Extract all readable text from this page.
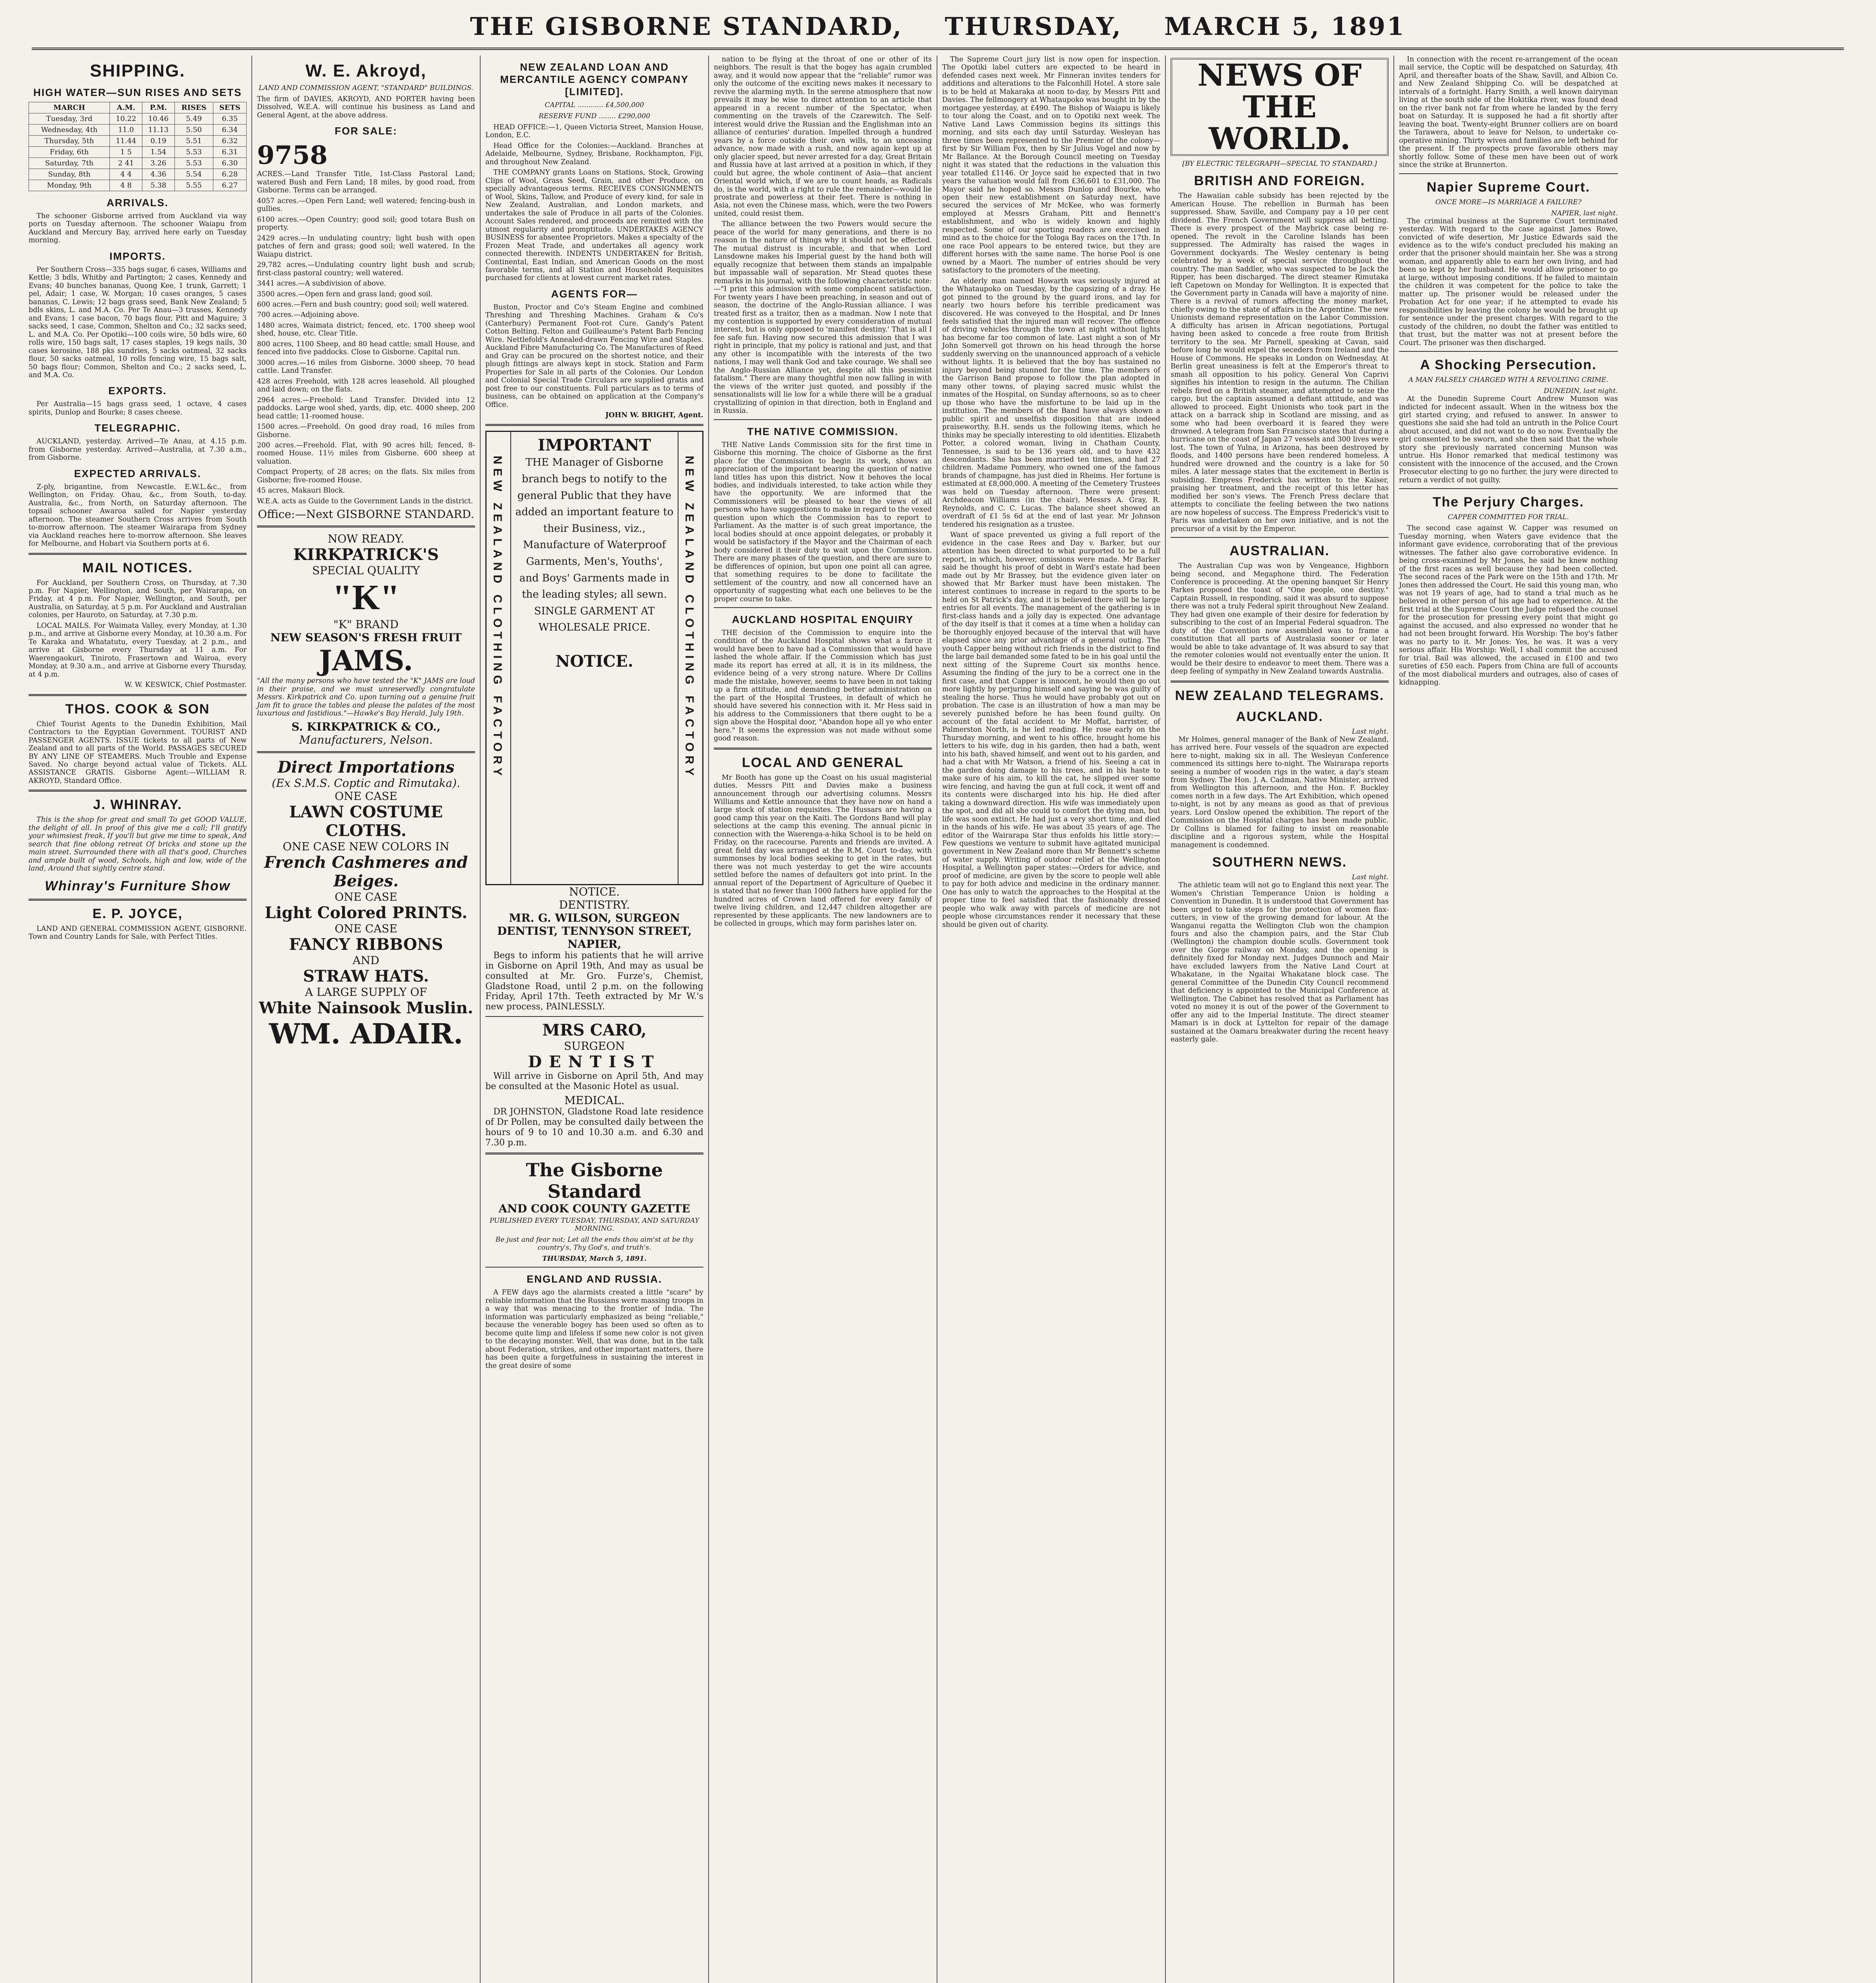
THE GISBORNE STANDARD, THURSDAY, MARCH 5, 1891
SHIPPING.
HIGH WATER—SUN RISES AND SETS
MARCH	A.M.	P.M.	RISES	SETS
Tuesday, 3rd	10.22	10.46	5.49	6.35
Wednesday, 4th	11.0	11.13	5.50	6.34
Thursday, 5th	11.44	0.19	5.51	6.32
Friday, 6th	1 5	1.54	5.53	6.31
Saturday, 7th	2 41	3.26	5.53	6.30
Sunday, 8th	4 4	4.36	5.54	6.28
Monday, 9th	4 8	5.38	5.55	6.27
ARRIVALS.

The schooner Gisborne arrived from Auckland via way ports on Tuesday afternoon. The schooner Waiapu from Auckland and Mercury Bay, arrived here early on Tuesday morning.

IMPORTS.

Per Southern Cross—335 bags sugar, 6 cases, Williams and Kettle; 3 bdls, Whitby and Partington; 2 cases, Kennedy and Evans; 40 bunches bananas, Quong Kee, 1 trunk, Garrett; 1 pel, Adair; 1 case, W. Morgan; 10 cases oranges, 5 cases bananas, C. Lewis; 12 bags grass seed, Bank New Zealand; 5 bdls skins, L. and M.A. Co. Per Te Anau—3 trusses, Kennedy and Evans; 1 case bacon, 70 bags flour, Pitt and Maguire; 3 sacks seed, 1 case, Common, Shelton and Co.; 32 sacks seed, L. and M.A. Co. Per Opotiki—100 coils wire, 50 bdls wire, 60 rolls wire, 150 bags salt, 17 cases staples, 19 kegs nails, 30 cases kerosine, 188 pks sundries, 5 sacks oatmeal, 32 sacks flour, 50 sacks oatmeal, 10 rolls fencing wire, 15 bags salt, 50 bags flour; Common, Shelton and Co.; 2 sacks seed, L. and M.A. Co.

EXPORTS.

Per Australia—15 bags grass seed, 1 octave, 4 cases spirits, Dunlop and Bourke; 8 cases cheese.

TELEGRAPHIC.

AUCKLAND, yesterday. Arrived—Te Anau, at 4.15 p.m. from Gisborne yesterday. Arrived—Australia, at 7.30 a.m., from Gisborne.

EXPECTED ARRIVALS.

Z-ply, brigantine, from Newcastle. E.W.L.&c., from Wellington, on Friday. Ohau, &c., from South, to-day. Australia, &c., from North, on Saturday afternoon. The topsail schooner Awaroa sailed for Napier yesterday afternoon. The steamer Southern Cross arrives from South to-morrow afternoon. The steamer Wairarapa from Sydney via Auckland reaches here to-morrow afternoon. She leaves for Melbourne, and Hobart via Southern ports at 6.

MAIL NOTICES.

For Auckland, per Southern Cross, on Thursday, at 7.30 p.m. For Napier, Wellington, and South, per Wairarapa, on Friday, at 4 p.m. For Napier, Wellington, and South, per Australia, on Saturday, at 5 p.m. For Auckland and Australian colonies, per Hauroto, on Saturday, at 7.30 p.m.

LOCAL MAILS. For Waimata Valley, every Monday, at 1.30 p.m., and arrive at Gisborne every Monday, at 10.30 a.m. For Te Karaka and Whatatutu, every Tuesday, at 2 p.m., and arrive at Gisborne every Thursday at 11 a.m. For Waerengaokuri, Tiniroto, Frasertown and Wairoa, every Monday, at 9.30 a.m., and arrive at Gisborne every Thursday, at 4 p.m.

W. W. KESWICK, Chief Postmaster.

THOS. COOK & SON

Chief Tourist Agents to the Dunedin Exhibition, Mail Contractors to the Egyptian Government. TOURIST AND PASSENGER AGENTS. ISSUE tickets to all parts of New Zealand and to all parts of the World. PASSAGES SECURED BY ANY LINE OF STEAMERS. Much Trouble and Expense Saved. No charge beyond actual value of Tickets. ALL ASSISTANCE GRATIS. Gisborne Agent:—WILLIAM R. AKROYD, Standard Office.

J. WHINRAY.

This is the shop for great and small To get GOOD VALUE, the delight of all. In proof of this give me a call; I'll gratify your whimsiest freak, If you'll but give me time to speak, And search that fine oblong retreat Of bricks and stone up the main street. Surrounded there with all that's good, Churches and ample built of wood, Schools, high and low, wide of the land, Around that sightly centre stand.

Whinray's Furniture Show
E. P. JOYCE,

LAND AND GENERAL COMMISSION AGENT, GISBORNE. Town and Country Lands for Sale, with Perfect Titles.

W. E. Akroyd,
LAND AND COMMISSION AGENT, "STANDARD" BUILDINGS.

The firm of DAVIES, AKROYD, AND PORTER having been Dissolved, W.E.A. will continue his business as Land and General Agent, at the above address.

FOR SALE:
9758

ACRES.—Land Transfer Title, 1st-Class Pastoral Land; watered Bush and Fern Land; 18 miles, by good road, from Gisborne. Terms can be arranged.

4057 acres.—Open Fern Land; well watered; fencing-bush in gullies.

6100 acres.—Open Country; good soil; good totara Bush on property.

2429 acres.—In undulating country; light bush with open patches of fern and grass; good soil; well watered. In the Waiapu district.

29,782 acres.—Undulating country light bush and scrub; first-class pastoral country; well watered.

3441 acres.—A subdivision of above.

3500 acres.—Open fern and grass land; good soil.

600 acres.—Fern and bush country; good soil; well watered.

700 acres.—Adjoining above.

1480 acres, Waimata district; fenced, etc. 1700 sheep wool shed, house, etc. Clear Title.

800 acres, 1100 Sheep, and 80 head cattle; small House, and fenced into five paddocks. Close to Gisborne. Capital run.

3000 acres.—16 miles from Gisborne. 3000 sheep, 70 head cattle. Land Transfer.

428 acres Freehold, with 128 acres leasehold. All ploughed and laid down; on the flats.

2964 acres.—Freehold: Land Transfer. Divided into 12 paddocks. Large wool shed, yards, dip, etc. 4000 sheep, 200 head cattle; 11-roomed house.

1500 acres.—Freehold. On good dray road, 16 miles from Gisborne.

200 acres.—Freehold. Flat, with 90 acres hill; fenced, 8-roomed House. 11½ miles from Gisborne. 600 sheep at valuation.

Compact Property, of 28 acres; on the flats. Six miles from Gisborne; five-roomed House.

45 acres, Makauri Block.

W.E.A. acts as Guide to the Government Lands in the district.

Office:—Next GISBORNE STANDARD.
NOW READY.
KIRKPATRICK'S
SPECIAL QUALITY
"K"
"K" BRAND
NEW SEASON'S FRESH FRUIT
JAMS.

"All the many persons who have tested the "K" JAMS are loud in their praise, and we must unreservedly congratulate Messrs. Kirkpatrick and Co. upon turning out a genuine fruit Jam fit to grace the tables and please the palates of the most luxurious and fastidious."—Hawke's Bay Herald, July 19th.

S. KIRKPATRICK & CO.,
Manufacturers, Nelson.
Direct Importations
(Ex S.M.S. Coptic and Rimutaka).
ONE CASE
LAWN COSTUME CLOTHS.
ONE CASE NEW COLORS IN
French Cashmeres and Beiges.
ONE CASE
Light Colored PRINTS.
ONE CASE
FANCY RIBBONS
AND
STRAW HATS.
A LARGE SUPPLY OF
White Nainsook Muslin.
WM. ADAIR.
NEW ZEALAND LOAN AND MERCANTILE AGENCY COMPANY [LIMITED].
CAPITAL ............ £4,500,000
RESERVE FUND ........ £290,000

HEAD OFFICE:—1, Queen Victoria Street, Mansion House, London, E.C.

Head Office for the Colonies:—Auckland. Branches at Adelaide, Melbourne, Sydney, Brisbane, Rockhampton, Fiji, and throughout New Zealand.

THE COMPANY grants Loans on Stations, Stock, Growing Clips of Wool, Grass Seed, Grain, and other Produce, on specially advantageous terms. RECEIVES CONSIGNMENTS of Wool, Skins, Tallow, and Produce of every kind, for sale in New Zealand, Australian, and London markets, and undertakes the sale of Produce in all parts of the Colonies. Account Sales rendered, and proceeds are remitted with the utmost regularity and promptitude. UNDERTAKES AGENCY BUSINESS for absentee Proprietors. Makes a specialty of the Frozen Meat Trade, and undertakes all agency work connected therewith. INDENTS UNDERTAKEN for British, Continental, East Indian, and American Goods on the most favorable terms, and all Station and Household Requisites purchased for clients at lowest current market rates.

AGENTS FOR—

Buston, Proctor and Co's Steam Engine and combined Threshing and Threshing Machines. Graham & Co's (Canterbury) Permanent Foot-rot Cure. Gandy's Patent Cotton Belting. Felton and Guilleaume's Patent Barb Fencing Wire. Nettlefold's Annealed-drawn Fencing Wire and Staples. Auckland Fibre Manufacturing Co. The Manufactures of Reed and Gray can be procured on the shortest notice, and their plough fittings are always kept in stock. Station and Farm Properties for Sale in all parts of the Colonies. Our London and Colonial Special Trade Circulars are supplied gratis and post free to our constituents. Full particulars as to terms of business, can be obtained on application at the Company's Office.

JOHN W. BRIGHT, Agent.

NEW ZEALAND CLOTHING FACTORY
IMPORTANT

THE Manager of Gisborne branch begs to notify to the general Public that they have added an important feature to their Business, viz., Manufacture of Waterproof Garments, Men's, Youths', and Boys' Garments made in the leading styles; all sewn. SINGLE GARMENT AT WHOLESALE PRICE.

NOTICE.	NEW ZEALAND CLOTHING FACTORY
NOTICE.
DENTISTRY.
MR. G. WILSON, SURGEON DENTIST, TENNYSON STREET, NAPIER,

Begs to inform his patients that he will arrive in Gisborne on April 19th, And may as usual be consulted at Mr. Gro. Furze's, Chemist, Gladstone Road, until 2 p.m. on the following Friday, April 17th. Teeth extracted by Mr W.'s new process, PAINLESSLY.

MRS CARO,
SURGEON
DENTIST

Will arrive in Gisborne on April 5th, And may be consulted at the Masonic Hotel as usual.

MEDICAL.

DR JOHNSTON, Gladstone Road late residence of Dr Pollen, may be consulted daily between the hours of 9 to 10 and 10.30 a.m. and 6.30 and 7.30 p.m.

The Gisborne Standard
AND COOK COUNTY GAZETTE
PUBLISHED EVERY TUESDAY, THURSDAY, AND SATURDAY MORNING.
Be just and fear not; Let all the ends thou aim'st at be thy country's, Thy God's, and truth's.
THURSDAY, March 5, 1891.
ENGLAND AND RUSSIA.

A FEW days ago the alarmists created a little "scare" by reliable information that the Russians were massing troops in a way that was menacing to the frontier of India. The information was particularly emphasized as being "reliable," because the venerable bogey has been used so often as to become quite limp and lifeless if some new color is not given to the decaying monster. Well, that was done, but in the talk about Federation, strikes, and other important matters, there has been quite a forgetfulness in sustaining the interest in the great desire of some

nation to be flying at the throat of one or other of its neighbors. The result is that the bogey has again crumbled away, and it would now appear that the "reliable" rumor was only the outcome of the exciting news makes it necessary to revive the alarming myth. In the serene atmosphere that now prevails it may be wise to direct attention to an article that appeared in a recent number of the Spectator, when commenting on the travels of the Czarewitch. The Self-interest would drive the Russian and the Englishman into an alliance of centuries' duration. Impelled through a hundred years by a force outside their own wills, to an unceasing advance, now made with a rush, and now again kept up at only glacier speed, but never arrested for a day, Great Britain and Russia have at last arrived at a position in which, if they could but agree, the whole continent of Asia—that ancient Oriental world which, if we are to count heads, as Radicals do, is the world, with a right to rule the remainder—would lie prostrate and powerless at their feet. There is nothing in Asia, not even the Chinese mass, which, were the two Powers united, could resist them.

The alliance between the two Powers would secure the peace of the world for many generations, and there is no reason in the nature of things why it should not be effected. The mutual distrust is incurable, and that when Lord Lansdowne makes his Imperial guest by the hand both will equally recognize that between them stands an impalpable but impassable wall of separation. Mr Stead quotes these remarks in his journal, with the following characteristic note:—"I print this admission with some complacent satisfaction. For twenty years I have been preaching, in season and out of season, the doctrine of the Anglo-Russian alliance. I was treated first as a traitor, then as a madman. Now I note that my contention is supported by every consideration of mutual interest, but is only opposed to 'manifest destiny.' That is all I fee safe fun. Having now secured this admission that I was right in principle, that my policy is rational and just, and that any other is incompatible with the interests of the two nations, I may well thank God and take courage. We shall see the Anglo-Russian Alliance yet, despite all this pessimist fatalism." There are many thoughtful men now falling in with the views of the writer just quoted, and possibly if the sensationalists will lie low for a while there will be a gradual crystallizing of opinion in that direction, both in England and in Russia.

THE NATIVE COMMISSION.

THE Native Lands Commission sits for the first time in Gisborne this morning. The choice of Gisborne as the first place for the Commission to begin its work, shows an appreciation of the important bearing the question of native land titles has upon this district. Now it behoves the local bodies, and individuals interested, to take action while they have the opportunity. We are informed that the Commissioners will be pleased to hear the views of all persons who have suggestions to make in regard to the vexed question upon which the Commission has to report to Parliament. As the matter is of such great importance, the local bodies should at once appoint delegates, or probably it would be satisfactory if the Mayor and the Chairman of each body considered it their duty to wait upon the Commission. There are many phases of the question, and there are sure to be differences of opinion, but upon one point all can agree, that something requires to be done to facilitate the settlement of the country, and now all concerned have an opportunity of suggesting what each one believes to be the proper course to take.

AUCKLAND HOSPITAL ENQUIRY

THE decision of the Commission to enquire into the condition of the Auckland Hospital shows what a farce it would have been to have had a Commission that would have lashed the whole affair. If the Commission which has just made its report has erred at all, it is in its mildness, the evidence being of a very strong nature. Where Dr Collins made the mistake, however, seems to have been in not taking up a firm attitude, and demanding better administration on the part of the Hospital Trustees, in default of which he should have severed his connection with it. Mr Hess said in his address to the Commissioners that there ought to be a sign above the Hospital door, "Abandon hope all ye who enter here." It seems the expression was not made without some good reason.

LOCAL AND GENERAL

Mr Booth has gone up the Coast on his usual magisterial duties. Messrs Pitt and Davies make a business announcement through our advertising columns. Messrs Williams and Kettle announce that they have now on hand a large stock of station requisites. The Hussars are having a good camp this year on the Kaiti. The Gordons Band will play selections at the camp this evening. The annual picnic in connection with the Waerenga-a-hika School is to be held on Friday, on the racecourse. Parents and friends are invited. A great field day was arranged at the R.M. Court to-day, with summonses by local bodies seeking to get in the rates, but there was not much yesterday to get the wire accounts settled before the names of defaulters got into print. In the annual report of the Department of Agriculture of Quebec it is stated that no fewer than 1000 fathers have applied for the hundred acres of Crown land offered for every family of twelve living children, and 12,447 children altogether are represented by these applicants. The new landowners are to be collected in groups, which may form parishes later on.

The Supreme Court jury list is now open for inspection. The Opotiki label cutters are expected to be heard in defended cases next week. Mr Finneran invites tenders for additions and alterations to the Falconhill Hotel. A store sale is to be held at Makaraka at noon to-day, by Messrs Pitt and Davies. The fellmongery at Whataupoko was bought in by the mortgagee yesterday, at £490. The Bishop of Waiapu is likely to tour along the Coast, and on to Opotiki next week. The Native Land Laws Commission begins its sittings this morning, and sits each day until Saturday. Wesleyan has three times been represented to the Premier of the colony—first by Sir William Fox, then by Sir Julius Vogel and now by Mr Ballance. At the Borough Council meeting on Tuesday night it was stated that the reductions in the valuation this year totalled £1146. Or Joyce said he expected that in two years the valuation would fall from £36,601 to £31,000. The Mayor said he hoped so. Messrs Dunlop and Bourke, who open their new establishment on Saturday next, have secured the services of Mr McKee, who was formerly employed at Messrs Graham, Pitt and Bennett's establishment, and who is widely known and highly respected. Some of our sporting readers are exercised in mind as to the choice for the Tologa Bay races on the 17th. In one race Pool appears to be entered twice, but they are different horses with the same name. The horse Pool is one owned by a Maori. The number of entries should be very satisfactory to the promoters of the meeting.

An elderly man named Howarth was seriously injured at the Whataupoko on Tuesday, by the capsizing of a dray. He got pinned to the ground by the guard irons, and lay for nearly two hours before his terrible predicament was discovered. He was conveyed to the Hospital, and Dr Innes feels satisfied that the injured man will recover. The offence of driving vehicles through the town at night without lights has become far too common of late. Last night a son of Mr John Somervell got thrown on his head through the horse suddenly swerving on the unannounced approach of a vehicle without lights. It is believed that the boy has sustained no injury beyond being stunned for the time. The members of the Garrison Band propose to follow the plan adopted in many other towns, of playing sacred music whilst the inmates of the Hospital, on Sunday afternoons, so as to cheer up those who have the misfortune to be laid up in the institution. The members of the Band have always shown a public spirit and unselfish disposition that are indeed praiseworthy. B.H. sends us the following items, which he thinks may be specially interesting to old identities. Elizabeth Potter, a colored woman, living in Chatham County, Tennessee, is said to be 136 years old, and to have 432 descendants. She has been married ten times, and had 27 children. Madame Pommery, who owned one of the famous brands of champagne, has just died in Rheims. Her fortune is estimated at £8,000,000. A meeting of the Cemetery Trustees was held on Tuesday afternoon. There were present: Archdeacon Williams (in the chair), Messrs A. Gray, R. Reynolds, and C. C. Lucas. The balance sheet showed an overdraft of £1 5s 6d at the end of last year. Mr Johnson tendered his resignation as a trustee.

Want of space prevented us giving a full report of the evidence in the case Rees and Day v. Barker, but our attention has been directed to what purported to be a full report, in which, however, omissions were made. Mr Barker said he thought his proof of debt in Ward's estate had been made out by Mr Brassey, but the evidence given later on showed that Mr Barker must have been mistaken. The interest continues to increase in regard to the sports to be held on St Patrick's day, and it is believed there will be large entries for all events. The management of the gathering is in first-class hands and a jolly day is expected. One advantage of the day itself is that it comes at a time when a holiday can be thoroughly enjoyed because of the interval that will have elapsed since any prior advantage of a general outing. The youth Capper being without rich friends in the district to find the large bail demanded some fated to be in his goal until the next sitting of the Supreme Court six months hence. Assuming the finding of the jury to be a correct one in the first case, and that Capper is innocent, he would then go out more lightly by perjuring himself and saying he was guilty of stealing the horse. Thus he would have probably got out on probation. The case is an illustration of how a man may be severely punished before he has been found guilty. On account of the fatal accident to Mr Moffat, barrister, of Palmerston North, is he led reading. He rose early on the Thursday morning, and went to his office, brought home his letters to his wife, dug in his garden, then had a bath, went into his bath, shaved himself, and went out to his garden, and had a chat with Mr Watson, a friend of his. Seeing a cat in the garden doing damage to his trees, and in his haste to make sure of his aim, to kill the cat, he slipped over some wire fencing, and having the gun at full cock, it went off and its contents were discharged into his hip. He died after taking a downward direction. His wife was immediately upon the spot, and did all she could to comfort the dying man, but life was soon extinct. He had just a very short time, and died in the hands of his wife. He was about 35 years of age. The editor of the Wairarapa Star thus enfolds his little story:—Few questions we venture to submit have agitated municipal government in New Zealand more than Mr Bennett's scheme of water supply. Writing of outdoor relief at the Wellington Hospital, a Wellington paper states:—Orders for advice, and proof of medicine, are given by the score to people well able to pay for both advice and medicine in the ordinary manner. One has only to watch the approaches to the Hospital at the proper time to feel satisfied that the fashionably dressed people who walk away with parcels of medicine are not people whose circumstances render it necessary that these should be given out of charity.

NEWS OF THE WORLD.
[BY ELECTRIC TELEGRAPH—SPECIAL TO STANDARD.]
BRITISH AND FOREIGN.

The Hawaiian cable subsidy has been rejected by the American House. The rebellion in Burmah has been suppressed. Shaw, Saville, and Company pay a 10 per cent dividend. The French Government will suppress all betting. There is every prospect of the Maybrick case being re-opened. The revolt in the Caroline Islands has been suppressed. The Admiralty has raised the wages in Government dockyards. The Wesley centenary is being celebrated by a week of special service throughout the country. The man Saddler, who was suspected to be Jack the Ripper, has been discharged. The direct steamer Rimutaka left Capetown on Monday for Wellington. It is expected that the Government party in Canada will have a majority of nine. There is a revival of rumors affecting the money market, chiefly owing to the state of affairs in the Argentine. The new Unionists demand representation on the Labor Commission. A difficulty has arisen in African negotiations, Portugal having been asked to concede a free route from British territory to the sea. Mr Parnell, speaking at Cavan, said before long he would expel the seceders from Ireland and the House of Commons. He speaks in London on Wednesday. At Berlin great uneasiness is felt at the Emperor's threat to smash all opposition to his policy. General Von Caprivi signifies his intention to resign in the autumn. The Chilian rebels fired on a British steamer, and attempted to seize the cargo, but the captain assumed a defiant attitude, and was allowed to proceed. Eight Unionists who took part in the attack on a barrack ship in Scotland are missing, and as some who had been overboard it is feared they were drowned. A telegram from San Francisco states that during a hurricane on the coast of Japan 27 vessels and 300 lives were lost. The town of Yulna, in Arizona, has been destroyed by floods, and 1400 persons have been rendered homeless. A hundred were drowned and the country is a lake for 50 miles. A later message states that the excitement in Berlin is subsiding. Empress Frederick has written to the Kaiser, praising her treatment, and the receipt of this letter has modified her son's views. The French Press declare that attempts to conciliate the feeling between the two nations are now hopeless of success. The Empress Frederick's visit to Paris was undertaken on her own initiative, and is not the precursor of a visit by the Emperor.

AUSTRALIAN.

The Australian Cup was won by Vengeance, Highborn being second, and Megaphone third. The Federation Conference is proceeding. At the opening banquet Sir Henry Parkes proposed the toast of "One people, one destiny." Captain Russell, in responding, said it was absurd to suppose there was not a truly Federal spirit throughout New Zealand. They had given one example of their desire for federation by subscribing to the cost of an Imperial Federal squadron. The duty of the Convention now assembled was to frame a constitution that all parts of Australasia sooner or later would be able to take advantage of. It was absurd to say that the remoter colonies would not eventually enter the union. It would be their desire to endeavor to meet them. There was a deep feeling of sympathy in New Zealand towards Australia.

NEW ZEALAND TELEGRAMS.
AUCKLAND.
Last night.

Mr Holmes, general manager of the Bank of New Zealand, has arrived here. Four vessels of the squadron are expected here to-night, making six in all. The Wesleyan Conference commenced its sittings here to-night. The Wairarapa reports seeing a number of wooden rigs in the water, a day's steam from Sydney. The Hon. J. A. Cadman, Native Minister, arrived from Wellington this afternoon, and the Hon. F. Buckley comes north in a few days. The Art Exhibition, which opened to-night, is not by any means as good as that of previous years. Lord Onslow opened the exhibition. The report of the Commission on the Hospital charges has been made public. Dr Collins is blamed for failing to insist on reasonable discipline and a rigorous system, while the Hospital management is condemned.

SOUTHERN NEWS.
Last night.

The athletic team will not go to England this next year. The Women's Christian Temperance Union is holding a Convention in Dunedin. It is understood that Government has been urged to take steps for the protection of women flax-cutters, in view of the growing demand for labour. At the Wanganui regatta the Wellington Club won the champion fours and also the champion pairs, and the Star Club (Wellington) the champion double sculls. Government took over the Gorge railway on Monday, and the opening is definitely fixed for Monday next. Judges Dunnoch and Mair have excluded lawyers from the Native Land Court at Whakatane, in the Ngaitai Whakatane block case. The general Committee of the Dunedin City Council recommend that deficiency is appointed to the Municipal Conference at Wellington. The Cabinet has resolved that as Parliament has voted no money it is out of the power of the Government to offer any aid to the Imperial Institute. The direct steamer Mamari is in dock at Lyttelton for repair of the damage sustained at the Oamaru breakwater during the recent heavy easterly gale.

In connection with the recent re-arrangement of the ocean mail service, the Coptic will be despatched on Saturday, 4th April, and thereafter boats of the Shaw, Savill, and Albion Co. and New Zealand Shipping Co. will be despatched at intervals of a fortnight. Harry Smith, a well known dairyman living at the south side of the Hokitika river, was found dead on the river bank not far from where he landed by the ferry boat on Saturday. It is supposed he had a fit shortly after leaving the boat. Twenty-eight Brunner colliers are on board the Tarawera, about to leave for Nelson, to undertake co-operative mining. Thirty wives and families are left behind for the present. If the prospects prove favorable others may shortly follow. Some of these men have been out of work since the strike at Brunnerton.

Napier Supreme Court.
ONCE MORE—IS MARRIAGE A FAILURE?
NAPIER, last night.

The criminal business at the Supreme Court terminated yesterday. With regard to the case against James Rowe, convicted of wife desertion, Mr Justice Edwards said the evidence as to the wife's conduct precluded his making an order that the prisoner should maintain her. She was a strong woman, and apparently able to earn her own living, and had been so kept by her husband. He would allow prisoner to go at large, without imposing conditions. If he failed to maintain the children it was competent for the police to take the matter up. The prisoner would be released under the Probation Act for one year; if he attempted to evade his responsibilities by leaving the colony he would be brought up for sentence under the present charges. With regard to the custody of the children, no doubt the father was entitled to that trust, but the matter was not at present before the Court. The prisoner was then discharged.

A Shocking Persecution.
A MAN FALSELY CHARGED WITH A REVOLTING CRIME.
DUNEDIN, last night.

At the Dunedin Supreme Court Andrew Munson was indicted for indecent assault. When in the witness box the girl started crying, and refused to answer. In answer to questions she said she had told an untruth in the Police Court about accused, and did not want to do so now. Eventually the girl consented to be sworn, and she then said that the whole story she previously narrated concerning Munson was untrue. His Honor remarked that medical testimony was consistent with the innocence of the accused, and the Crown Prosecutor electing to go no further, the jury were directed to return a verdict of not guilty.

The Perjury Charges.
CAPPER COMMITTED FOR TRIAL.

The second case against W. Capper was resumed on Tuesday morning, when Waters gave evidence that the informant gave evidence, corroborating that of the previous witnesses. The father also gave corroborative evidence. In being cross-examined by Mr Jones, he said he knew nothing of the first races as well because they had been collected. The second races of the Park were on the 15th and 17th. Mr Jones then addressed the Court. He said this young man, who was not 19 years of age, had to stand a trial much as he believed in other person of his age had to experience. At the first trial at the Supreme Court the Judge refused the counsel for the prosecution for pressing every point that might go against the accused, and also expressed no wonder that he had not been brought forward. His Worship: The boy's father was no party to it. Mr Jones: Yes, he was. It was a very serious affair. His Worship: Well, I shall commit the accused for trial. Bail was allowed, the accused in £100 and two sureties of £50 each. Papers from China are full of accounts of the most diabolical murders and outrages, also of cases of kidnapping.
